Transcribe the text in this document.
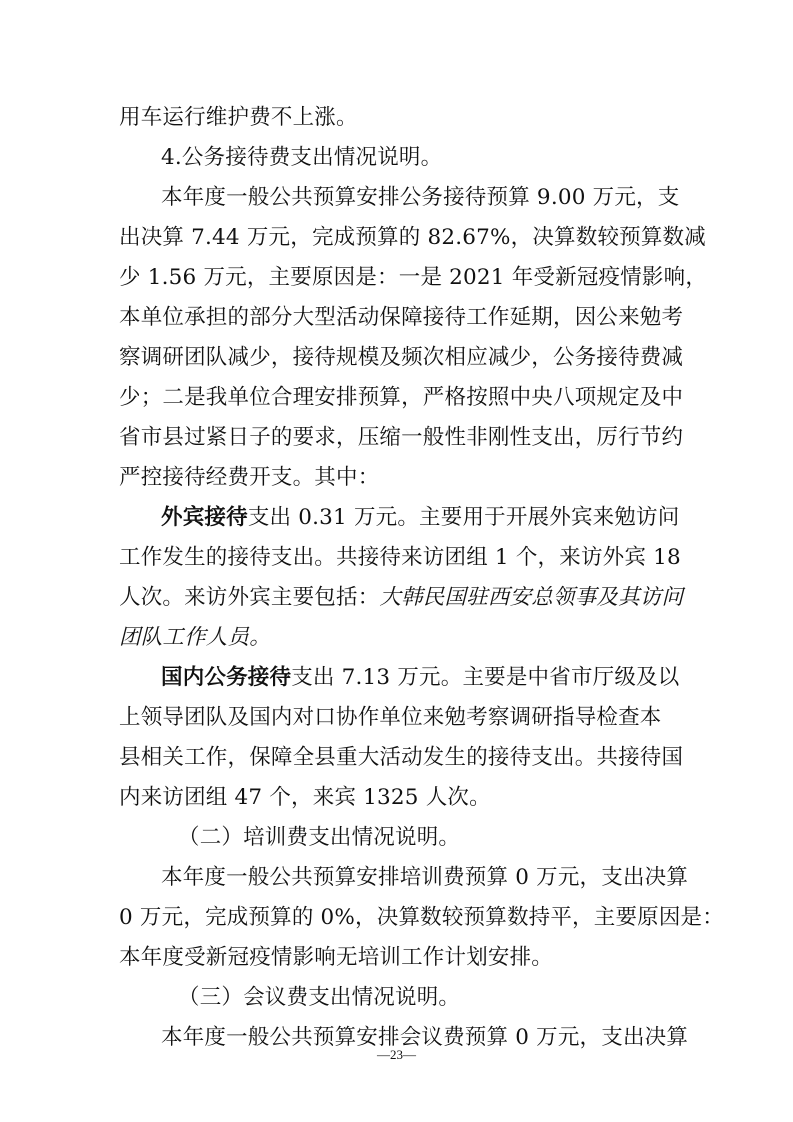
用车运行维护费不上涨。
4.公务接待费支出情况说明。
本年度一般公共预算安排公务接待预算 9.00 万元，支
出决算 7.44 万元，完成预算的 82.67%，决算数较预算数减
少 1.56 万元，主要原因是：一是 2021 年受新冠疫情影响，
本单位承担的部分大型活动保障接待工作延期，因公来勉考
察调研团队减少，接待规模及频次相应减少，公务接待费减
少；二是我单位合理安排预算，严格按照中央八项规定及中
省市县过紧日子的要求，压缩一般性非刚性支出，厉行节约
严控接待经费开支。其中：
外宾接待支出 0.31 万元。主要用于开展外宾来勉访问
工作发生的接待支出。共接待来访团组 1 个，来访外宾 18
人次。来访外宾主要包括：大韩民国驻西安总领事及其访问
团队工作人员。
国内公务接待支出 7.13 万元。主要是中省市厅级及以
上领导团队及国内对口协作单位来勉考察调研指导检查本
县相关工作，保障全县重大活动发生的接待支出。共接待国
内来访团组 47 个，来宾 1325 人次。
（二）培训费支出情况说明。
本年度一般公共预算安排培训费预算 0 万元，支出决算
0 万元，完成预算的 0%，决算数较预算数持平，主要原因是：
本年度受新冠疫情影响无培训工作计划安排。
（三）会议费支出情况说明。
本年度一般公共预算安排会议费预算 0 万元，支出决算
—23—
